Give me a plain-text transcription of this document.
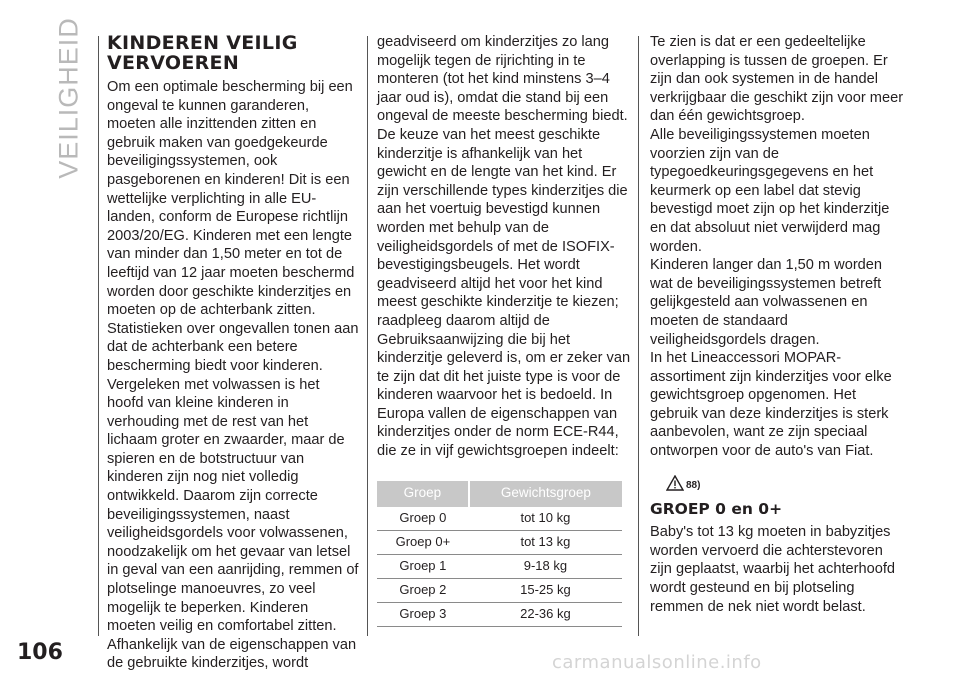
VEILIGHEID
106
KINDEREN VEILIG VERVOEREN

Om een optimale bescherming bij een ongeval te kunnen garanderen, moeten alle inzittenden zitten en gebruik maken van goedgekeurde beveiligingssystemen, ook pasgeborenen en kinderen! Dit is een wettelijke verplichting in alle EU-landen, conform de Europese richtlijn 2003/20/EG. Kinderen met een lengte van minder dan 1,50 meter en tot de leeftijd van 12 jaar moeten beschermd worden door geschikte kinderzitjes en moeten op de achterbank zitten. Statistieken over ongevallen tonen aan dat de achterbank een betere bescherming biedt voor kinderen. Vergeleken met volwassen is het hoofd van kleine kinderen in verhouding met de rest van het lichaam groter en zwaarder, maar de spieren en de botstructuur van kinderen zijn nog niet volledig ontwikkeld. Daarom zijn correcte beveiligingssystemen, naast veiligheidsgordels voor volwassenen, noodzakelijk om het gevaar van letsel in geval van een aanrijding, remmen of plotselinge manoeuvres, zo veel mogelijk te beperken. Kinderen moeten veilig en comfortabel zitten. Afhankelijk van de eigenschappen van de gebruikte kinderzitjes, wordt

geadviseerd om kinderzitjes zo lang mogelijk tegen de rijrichting in te monteren (tot het kind minstens 3–4 jaar oud is), omdat die stand bij een ongeval de meeste bescherming biedt. De keuze van het meest geschikte kinderzitje is afhankelijk van het gewicht en de lengte van het kind. Er zijn verschillende types kinderzitjes die aan het voertuig bevestigd kunnen worden met behulp van de veiligheidsgordels of met de ISOFIX-bevestigingsbeugels. Het wordt geadviseerd altijd het voor het kind meest geschikte kinderzitje te kiezen; raadpleeg daarom altijd de Gebruiksaanwijzing die bij het kinderzitje geleverd is, om er zeker van te zijn dat dit het juiste type is voor de kinderen waarvoor het is bedoeld. In Europa vallen de eigenschappen van kinderzitjes onder de norm ECE-R44, die ze in vijf gewichtsgroepen indeelt:

Groep	Gewichtsgroep
Groep 0	tot 10 kg
Groep 0+	tot 13 kg
Groep 1	9-18 kg
Groep 2	15-25 kg
Groep 3	22-36 kg

Te zien is dat er een gedeeltelijke overlapping is tussen de groepen. Er zijn dan ook systemen in de handel verkrijgbaar die geschikt zijn voor meer dan één gewichtsgroep.

Alle beveiligingssystemen moeten voorzien zijn van de typegoedkeuringsgegevens en het keurmerk op een label dat stevig bevestigd moet zijn op het kinderzitje en dat absoluut niet verwijderd mag worden.

Kinderen langer dan 1,50 m worden wat de beveiligingssystemen betreft gelijkgesteld aan volwassenen en moeten de standaard veiligheidsgordels dragen.

In het Lineaccessori MOPAR-assortiment zijn kinderzitjes voor elke gewichtsgroep opgenomen. Het gebruik van deze kinderzitjes is sterk aanbevolen, want ze zijn speciaal ontworpen voor de auto's van Fiat.

88)
GROEP 0 en 0+

Baby's tot 13 kg moeten in babyzitjes worden vervoerd die achterstevoren zijn geplaatst, waarbij het achterhoofd wordt gesteund en bij plotseling remmen de nek niet wordt belast.

carmanualsonline.info
